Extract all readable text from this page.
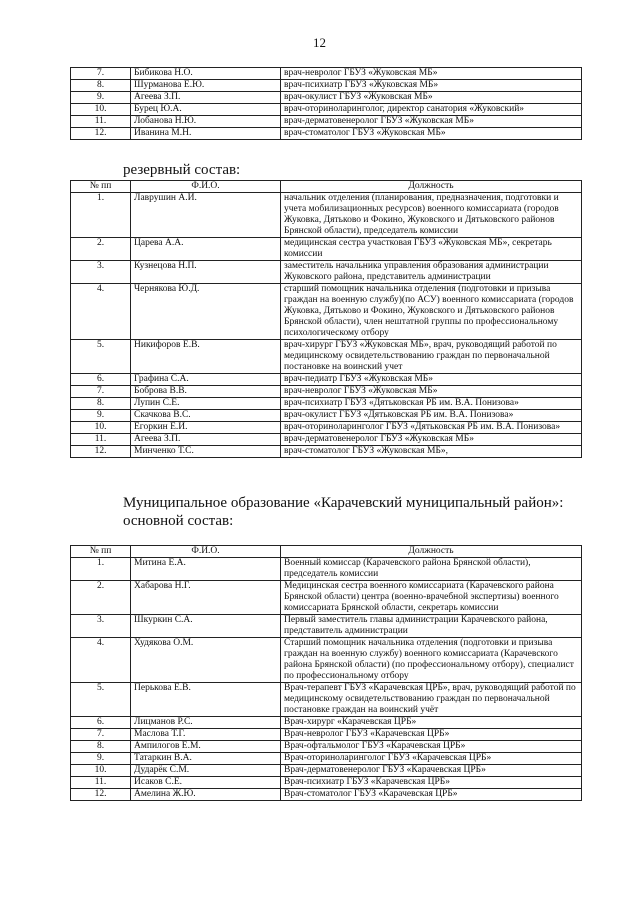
12
7.	Бибикова Н.О.	врач-невролог ГБУЗ «Жуковская МБ»
8.	Шурманова Е.Ю.	врач-психиатр ГБУЗ «Жуковская МБ»
9.	Агеева З.П.	врач-окулист ГБУЗ «Жуковская МБ»
10.	Бурец Ю.А.	врач-оториноларинголог, директор санатория «Жуковский»
11.	Лобанова Н.Ю.	врач-дерматовенеролог ГБУЗ «Жуковская МБ»
12.	Иванина М.Н.	врач-стоматолог ГБУЗ «Жуковская МБ»
резервный состав:
№ пп	Ф.И.О.	Должность
1.	Лаврушин А.И.	начальник отделения (планирования, предназначения, подготовки и учета мобилизационных ресурсов) военного комиссариата (городов Жуковка, Дятьково и Фокино, Жуковского и Дятьковского районов Брянской области), председатель комиссии
2.	Царева А.А.	медицинская сестра участковая ГБУЗ «Жуковская МБ», секретарь комиссии
3.	Кузнецова Н.П.	заместитель начальника управления образования администрации Жуковского района, представитель администрации
4.	Чернякова Ю.Д.	старший помощник начальника отделения (подготовки и призыва граждан на военную службу)(по АСУ) военного комиссариата (городов Жуковка, Дятьково и Фокино, Жуковского и Дятьковского районов Брянской области), член нештатной группы по профессиональному психологическому отбору
5.	Никифоров Е.В.	врач-хирург ГБУЗ «Жуковская МБ», врач, руководящий работой по медицинскому освидетельствованию граждан по первоначальной постановке на воинский учет
6.	Графина С.А.	врач-педиатр ГБУЗ «Жуковская МБ»
7.	Боброва В.В.	врач-невролог ГБУЗ «Жуковская МБ»
8.	Лупин С.Е.	врач-психиатр ГБУЗ «Дятьковская РБ им. В.А. Понизова»
9.	Скачкова В.С.	врач-окулист ГБУЗ «Дятьковская РБ им. В.А. Понизова»
10.	Егоркин Е.И.	врач-оториноларинголог ГБУЗ «Дятьковская РБ им. В.А. Понизова»
11.	Агеева З.П.	врач-дерматовенеролог ГБУЗ «Жуковская МБ»
12.	Минченко Т.С.	врач-стоматолог ГБУЗ «Жуковская МБ»,
Муниципальное образование «Карачевский муниципальный район»:
основной состав:
№ пп	Ф.И.О.	Должность
1.	Митина Е.А.	Военный комиссар (Карачевского района Брянской области), председатель комиссии
2.	Хабарова Н.Г.	Медицинская сестра военного комиссариата (Карачевского района Брянской области) центра (военно-врачебной экспертизы) военного комиссариата Брянской области, секретарь комиссии
3.	Шкуркин С.А.	Первый заместитель главы администрации Карачевского района, представитель администрации
4.	Худякова О.М.	Старший помощник начальника отделения (подготовки и призыва граждан на военную службу) военного комиссариата (Карачевского района Брянской области) (по профессиональному отбору), специалист по профессиональному отбору
5.	Перькова Е.В.	Врач-терапевт ГБУЗ «Карачевская ЦРБ», врач, руководящий работой по медицинскому освидетельствованию граждан по первоначальной постановке граждан на воинский учёт
6.	Лицманов Р.С.	Врач-хирург «Карачевская ЦРБ»
7.	Маслова Т.Г.	Врач-невролог ГБУЗ «Карачевская ЦРБ»
8.	Ампилогов Е.М.	Врач-офтальмолог ГБУЗ «Карачевская ЦРБ»
9.	Татаркин В.А.	Врач-оториноларинголог ГБУЗ «Карачевская ЦРБ»
10.	Дударёк С.М.	Врач-дерматовенеролог ГБУЗ «Карачевская ЦРБ»
11.	Исаков С.Е.	Врач-психиатр ГБУЗ «Карачевская ЦРБ»
12.	Амелина Ж.Ю.	Врач-стоматолог ГБУЗ «Карачевская ЦРБ»
